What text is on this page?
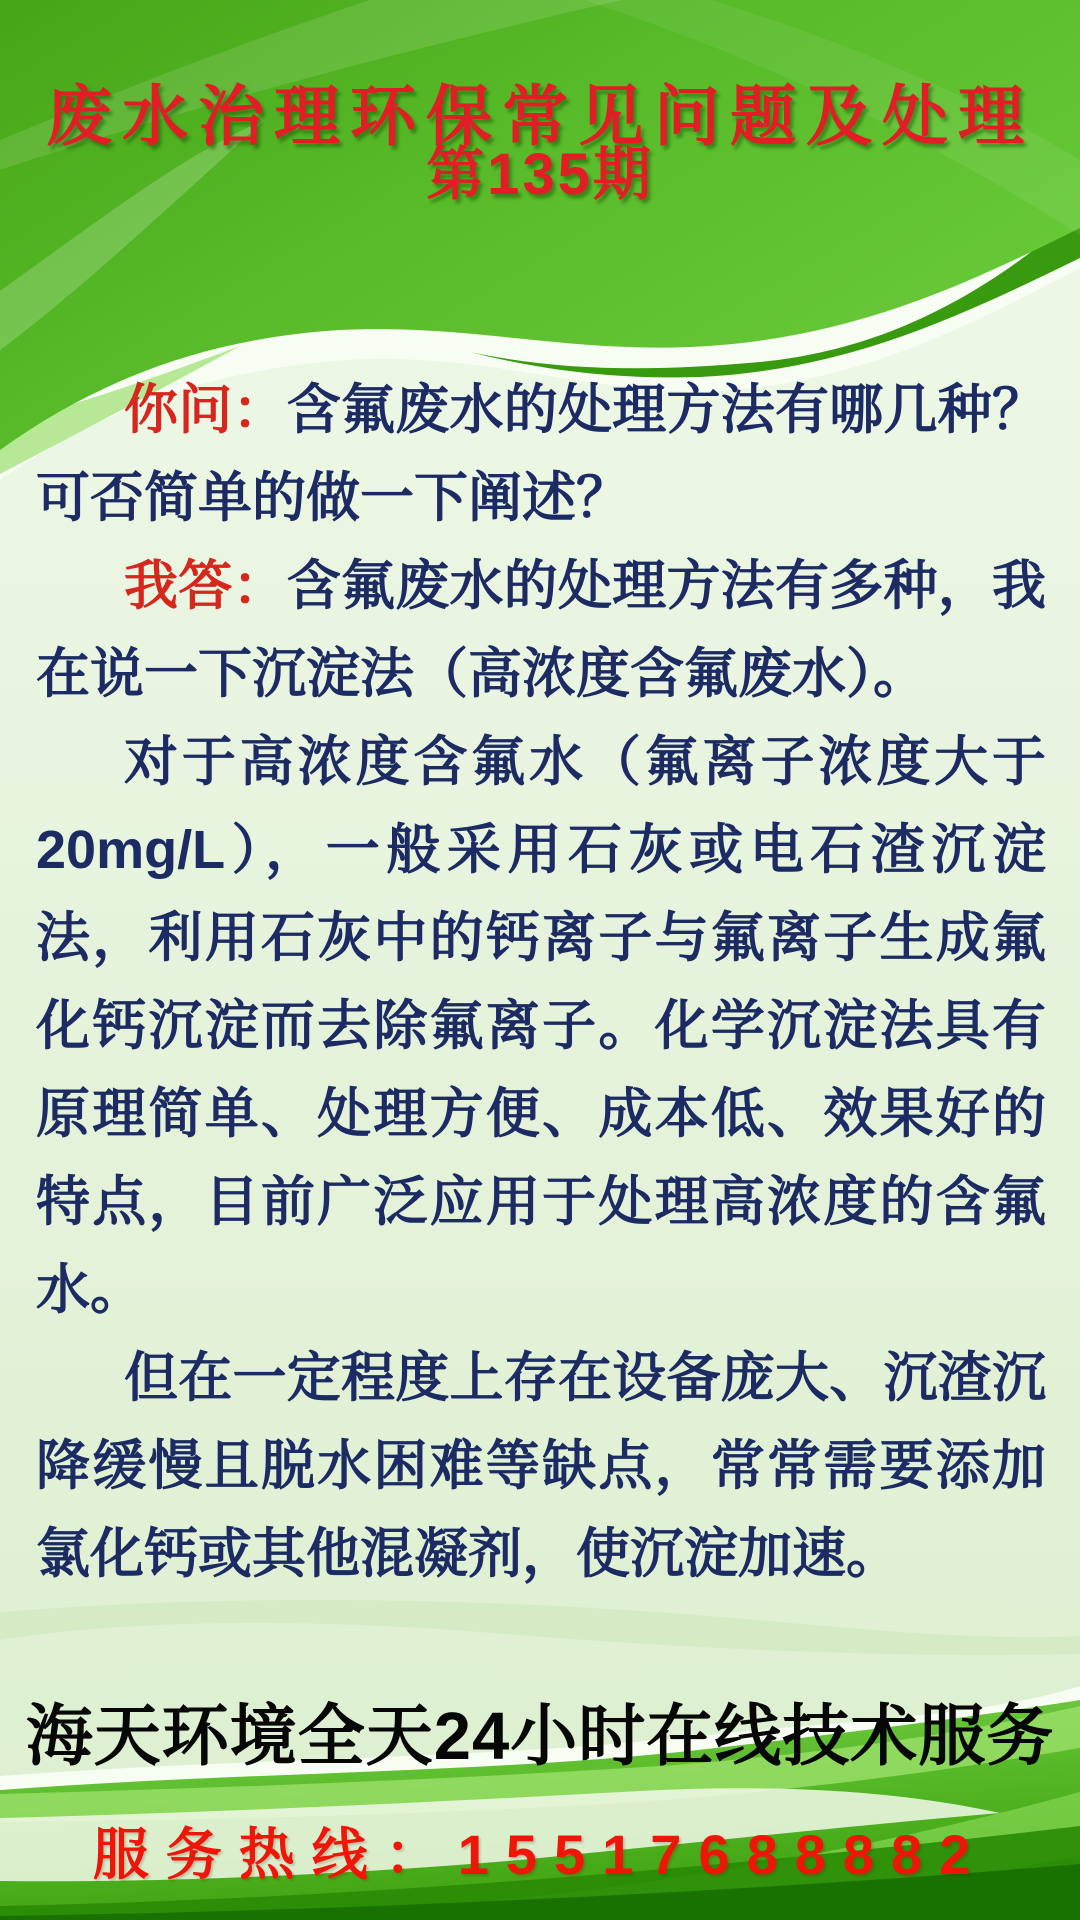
废水治理环保常见问题及处理
第135期

你问：含氟废水的处理方法有哪几种？可否简单的做一下阐述？

我答：含氟废水的处理方法有多种，我在说一下沉淀法（高浓度含氟废水）。

对于高浓度含氟水（氟离子浓度大于20mg/L），一般采用石灰或电石渣沉淀法，利用石灰中的钙离子与氟离子生成氟化钙沉淀而去除氟离子。化学沉淀法具有原理简单、处理方便、成本低、效果好的特点，目前广泛应用于处理高浓度的含氟水。

但在一定程度上存在设备庞大、沉渣沉降缓慢且脱水困难等缺点，常常需要添加氯化钙或其他混凝剂，使沉淀加速。

海天环境全天24小时在线技术服务
服务热线：15517688882
